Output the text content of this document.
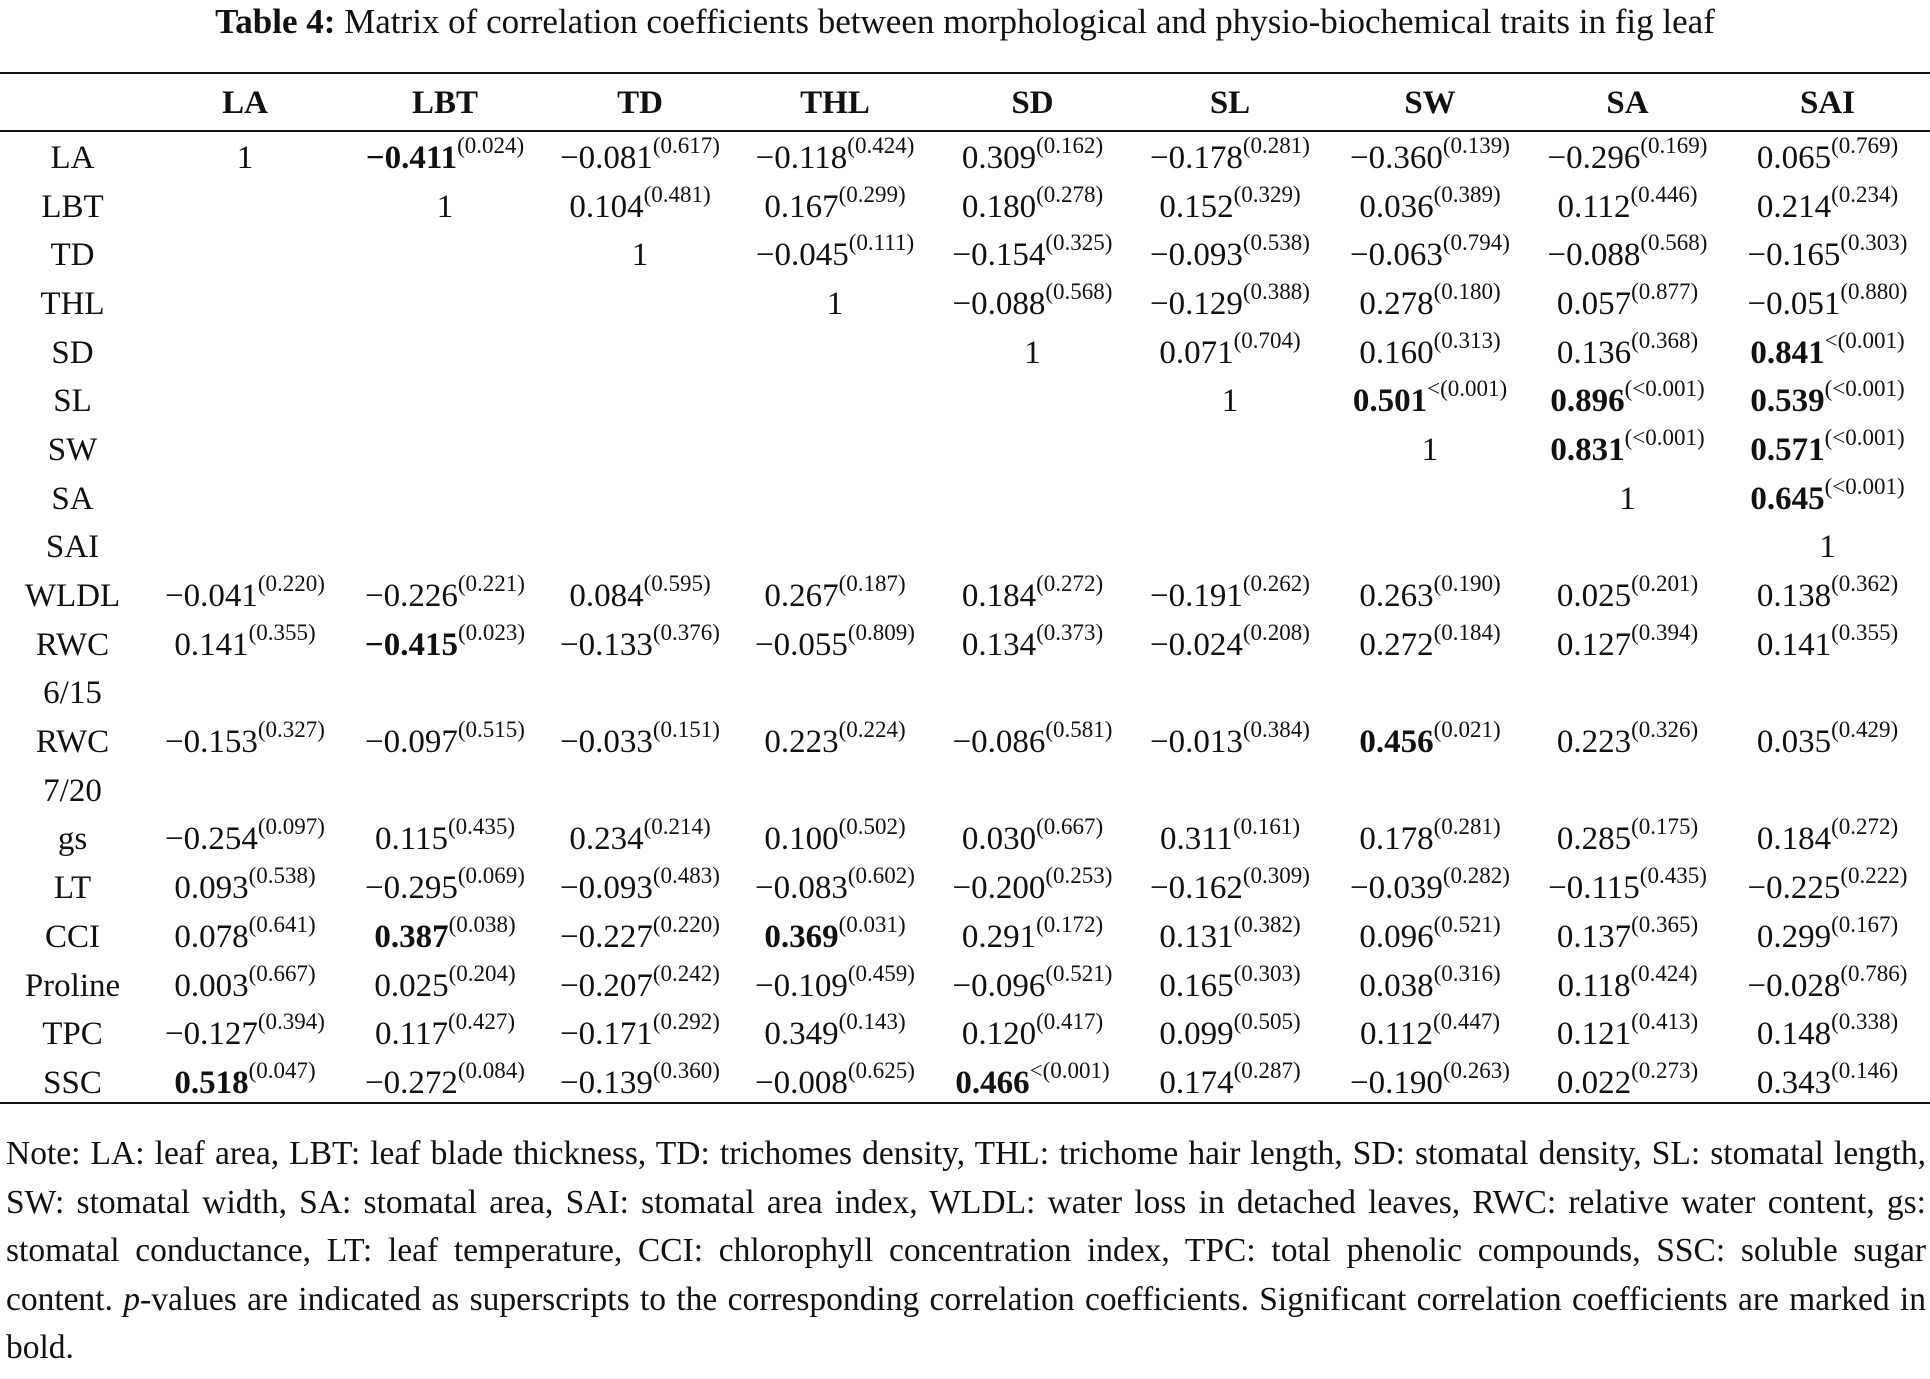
Table 4: Matrix of correlation coefficients between morphological and physio-biochemical traits in fig leaf
	LA	LBT	TD	THL	SD	SL	SW	SA	SAI
LA	1	$-0.411^{(0.024)}$	$-0.081^{(0.617)}$	$-0.118^{(0.424)}$	$0.309^{(0.162)}$	$-0.178^{(0.281)}$	$-0.360^{(0.139)}$	$-0.296^{(0.169)}$	$0.065^{(0.769)}$
LBT		1	$0.104^{(0.481)}$	$0.167^{(0.299)}$	$0.180^{(0.278)}$	$0.152^{(0.329)}$	$0.036^{(0.389)}$	$0.112^{(0.446)}$	$0.214^{(0.234)}$
TD			1	$-0.045^{(0.111)}$	$-0.154^{(0.325)}$	$-0.093^{(0.538)}$	$-0.063^{(0.794)}$	$-0.088^{(0.568)}$	$-0.165^{(0.303)}$
THL				1	$-0.088^{(0.568)}$	$-0.129^{(0.388)}$	$0.278^{(0.180)}$	$0.057^{(0.877)}$	$-0.051^{(0.880)}$
SD					1	$0.071^{(0.704)}$	$0.160^{(0.313)}$	$0.136^{(0.368)}$	$0.841^{<(0.001)}$
SL						1	$0.501^{<(0.001)}$	$0.896^{(<0.001)}$	$0.539^{(<0.001)}$
SW							1	$0.831^{(<0.001)}$	$0.571^{(<0.001)}$
SA								1	$0.645^{(<0.001)}$
SAI									1
WLDL	$-0.041^{(0.220)}$	$-0.226^{(0.221)}$	$0.084^{(0.595)}$	$0.267^{(0.187)}$	$0.184^{(0.272)}$	$-0.191^{(0.262)}$	$0.263^{(0.190)}$	$0.025^{(0.201)}$	$0.138^{(0.362)}$
RWC	$0.141^{(0.355)}$	$-0.415^{(0.023)}$	$-0.133^{(0.376)}$	$-0.055^{(0.809)}$	$0.134^{(0.373)}$	$-0.024^{(0.208)}$	$0.272^{(0.184)}$	$0.127^{(0.394)}$	$0.141^{(0.355)}$
6/15									
RWC	$-0.153^{(0.327)}$	$-0.097^{(0.515)}$	$-0.033^{(0.151)}$	$0.223^{(0.224)}$	$-0.086^{(0.581)}$	$-0.013^{(0.384)}$	$0.456^{(0.021)}$	$0.223^{(0.326)}$	$0.035^{(0.429)}$
7/20									
gs	$-0.254^{(0.097)}$	$0.115^{(0.435)}$	$0.234^{(0.214)}$	$0.100^{(0.502)}$	$0.030^{(0.667)}$	$0.311^{(0.161)}$	$0.178^{(0.281)}$	$0.285^{(0.175)}$	$0.184^{(0.272)}$
LT	$0.093^{(0.538)}$	$-0.295^{(0.069)}$	$-0.093^{(0.483)}$	$-0.083^{(0.602)}$	$-0.200^{(0.253)}$	$-0.162^{(0.309)}$	$-0.039^{(0.282)}$	$-0.115^{(0.435)}$	$-0.225^{(0.222)}$
CCI	$0.078^{(0.641)}$	$0.387^{(0.038)}$	$-0.227^{(0.220)}$	$0.369^{(0.031)}$	$0.291^{(0.172)}$	$0.131^{(0.382)}$	$0.096^{(0.521)}$	$0.137^{(0.365)}$	$0.299^{(0.167)}$
Proline	$0.003^{(0.667)}$	$0.025^{(0.204)}$	$-0.207^{(0.242)}$	$-0.109^{(0.459)}$	$-0.096^{(0.521)}$	$0.165^{(0.303)}$	$0.038^{(0.316)}$	$0.118^{(0.424)}$	$-0.028^{(0.786)}$
TPC	$-0.127^{(0.394)}$	$0.117^{(0.427)}$	$-0.171^{(0.292)}$	$0.349^{(0.143)}$	$0.120^{(0.417)}$	$0.099^{(0.505)}$	$0.112^{(0.447)}$	$0.121^{(0.413)}$	$0.148^{(0.338)}$
SSC	$0.518^{(0.047)}$	$-0.272^{(0.084)}$	$-0.139^{(0.360)}$	$-0.008^{(0.625)}$	$0.466^{<(0.001)}$	$0.174^{(0.287)}$	$-0.190^{(0.263)}$	$0.022^{(0.273)}$	$0.343^{(0.146)}$
Note: LA: leaf area, LBT: leaf blade thickness, TD: trichomes density, THL: trichome hair length, SD: stomatal density, SL: stomatal length, SW: stomatal width, SA: stomatal area, SAI: stomatal area index, WLDL: water loss in detached leaves, RWC: relative water content, gs: stomatal conductance, LT: leaf temperature, CCI: chlorophyll concentration index, TPC: total phenolic compounds, SSC: soluble sugar content. p-values are indicated as superscripts to the corresponding correlation coefficients. Significant correlation coefficients are marked in bold.
